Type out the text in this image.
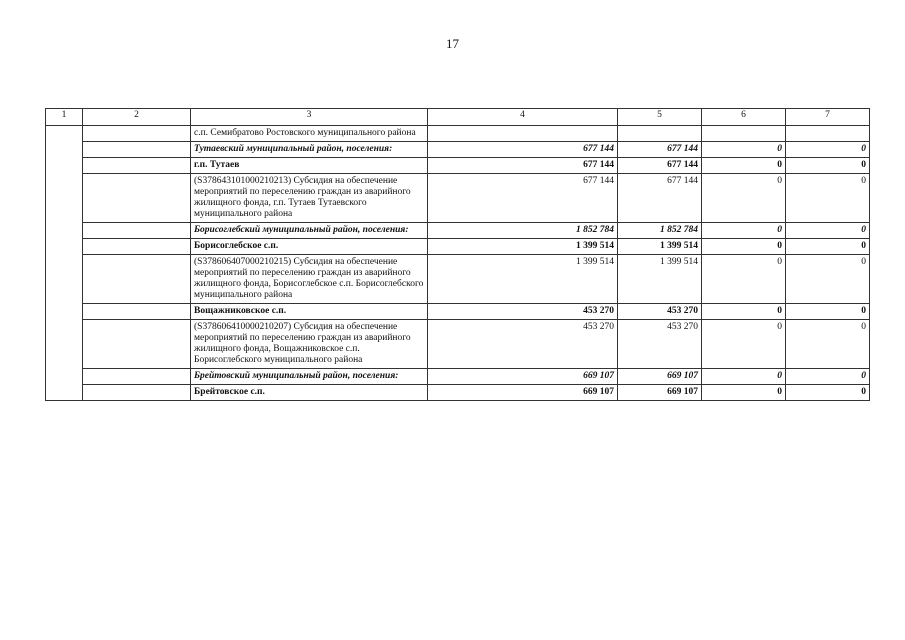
17
1	2	3	4	5	6	7
		с.п. Семибратово Ростовского муниципального района				
		Тутаевский муниципальный район, поселения:	677 144	677 144	0	0
		г.п. Тутаев	677 144	677 144	0	0
		(S378643101000210213) Субсидия на обеспечение мероприятий по переселению граждан из аварийного жилищного фонда, г.п. Тутаев Тутаевского муниципального района	677 144	677 144	0	0
		Борисоглебский муниципальный район, поселения:	1 852 784	1 852 784	0	0
		Борисоглебское с.п.	1 399 514	1 399 514	0	0
		(S378606407000210215) Субсидия на обеспечение мероприятий по переселению граждан из аварийного жилищного фонда, Борисоглебское с.п. Борисоглебского муниципального района	1 399 514	1 399 514	0	0
		Вощажниковское с.п.	453 270	453 270	0	0
		(S378606410000210207) Субсидия на обеспечение мероприятий по переселению граждан из аварийного жилищного фонда, Вощажниковское с.п. Борисоглебского муниципального района	453 270	453 270	0	0
		Брейтовский муниципальный район, поселения:	669 107	669 107	0	0
		Брейтовское с.п.	669 107	669 107	0	0
